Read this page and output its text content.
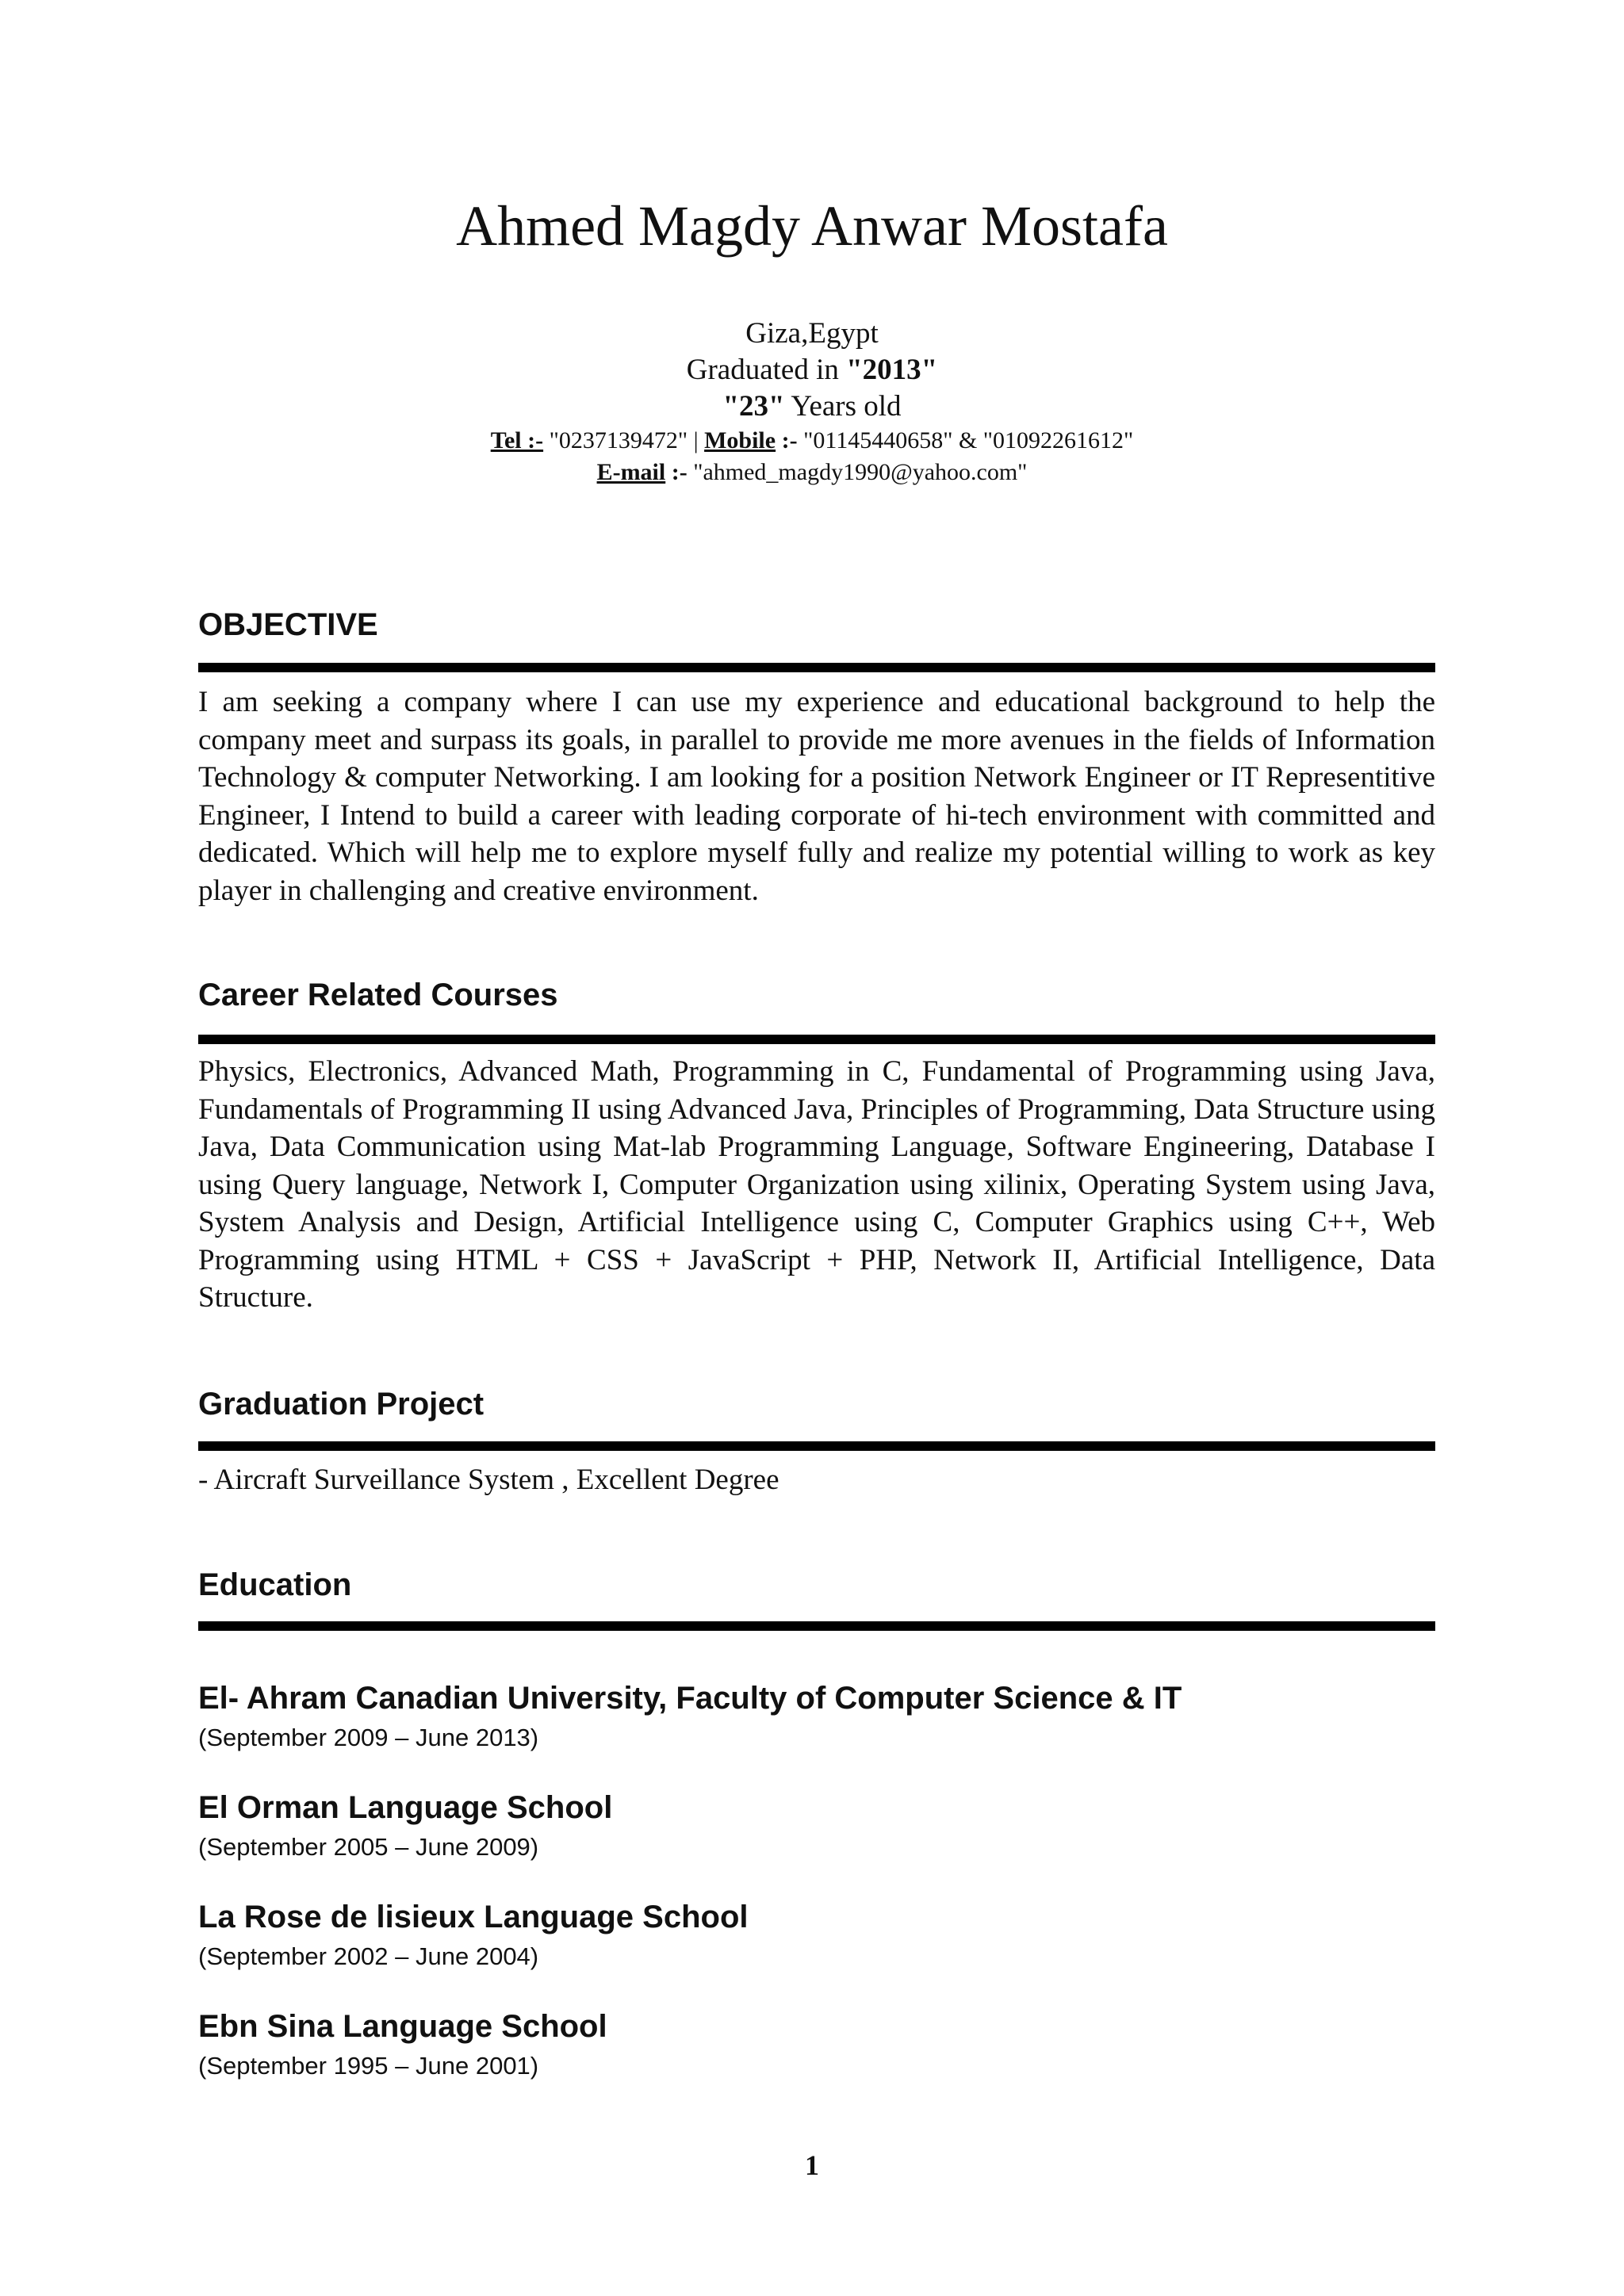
Ahmed Magdy Anwar Mostafa
Giza,Egypt
Graduated in "2013"
"23" Years old
Tel :- "0237139472" | Mobile :- "01145440658" & "01092261612"
E-mail :- "ahmed_magdy1990@yahoo.com"
OBJECTIVE
I am seeking a company where I can use my experience and educational background to help the company meet and surpass its goals, in parallel to provide me more avenues in the fields of Information Technology & computer Networking. I am looking for a position Network Engineer or IT Representitive Engineer, I Intend to build a career with leading corporate of hi-tech environment with committed and dedicated. Which will help me to explore myself fully and realize my potential willing to work as key player in challenging and creative environment.
Career Related Courses
Physics, Electronics, Advanced Math, Programming in C, Fundamental of Programming using Java, Fundamentals of Programming II using Advanced Java, Principles of Programming, Data Structure using Java, Data Communication using Mat-lab Programming Language, Software Engineering, Database I using Query language, Network I, Computer Organization using xilinix, Operating System using Java, System Analysis and Design, Artificial Intelligence using C, Computer Graphics using C++, Web Programming using HTML + CSS + JavaScript + PHP, Network II, Artificial Intelligence, Data Structure.
Graduation Project
- Aircraft Surveillance System , Excellent Degree
Education
El- Ahram Canadian University, Faculty of Computer Science & IT
(September 2009 – June 2013)
El Orman Language School
(September 2005 – June 2009)
La Rose de lisieux Language School
(September 2002 – June 2004)
Ebn Sina Language School
(September 1995 – June 2001)
1
